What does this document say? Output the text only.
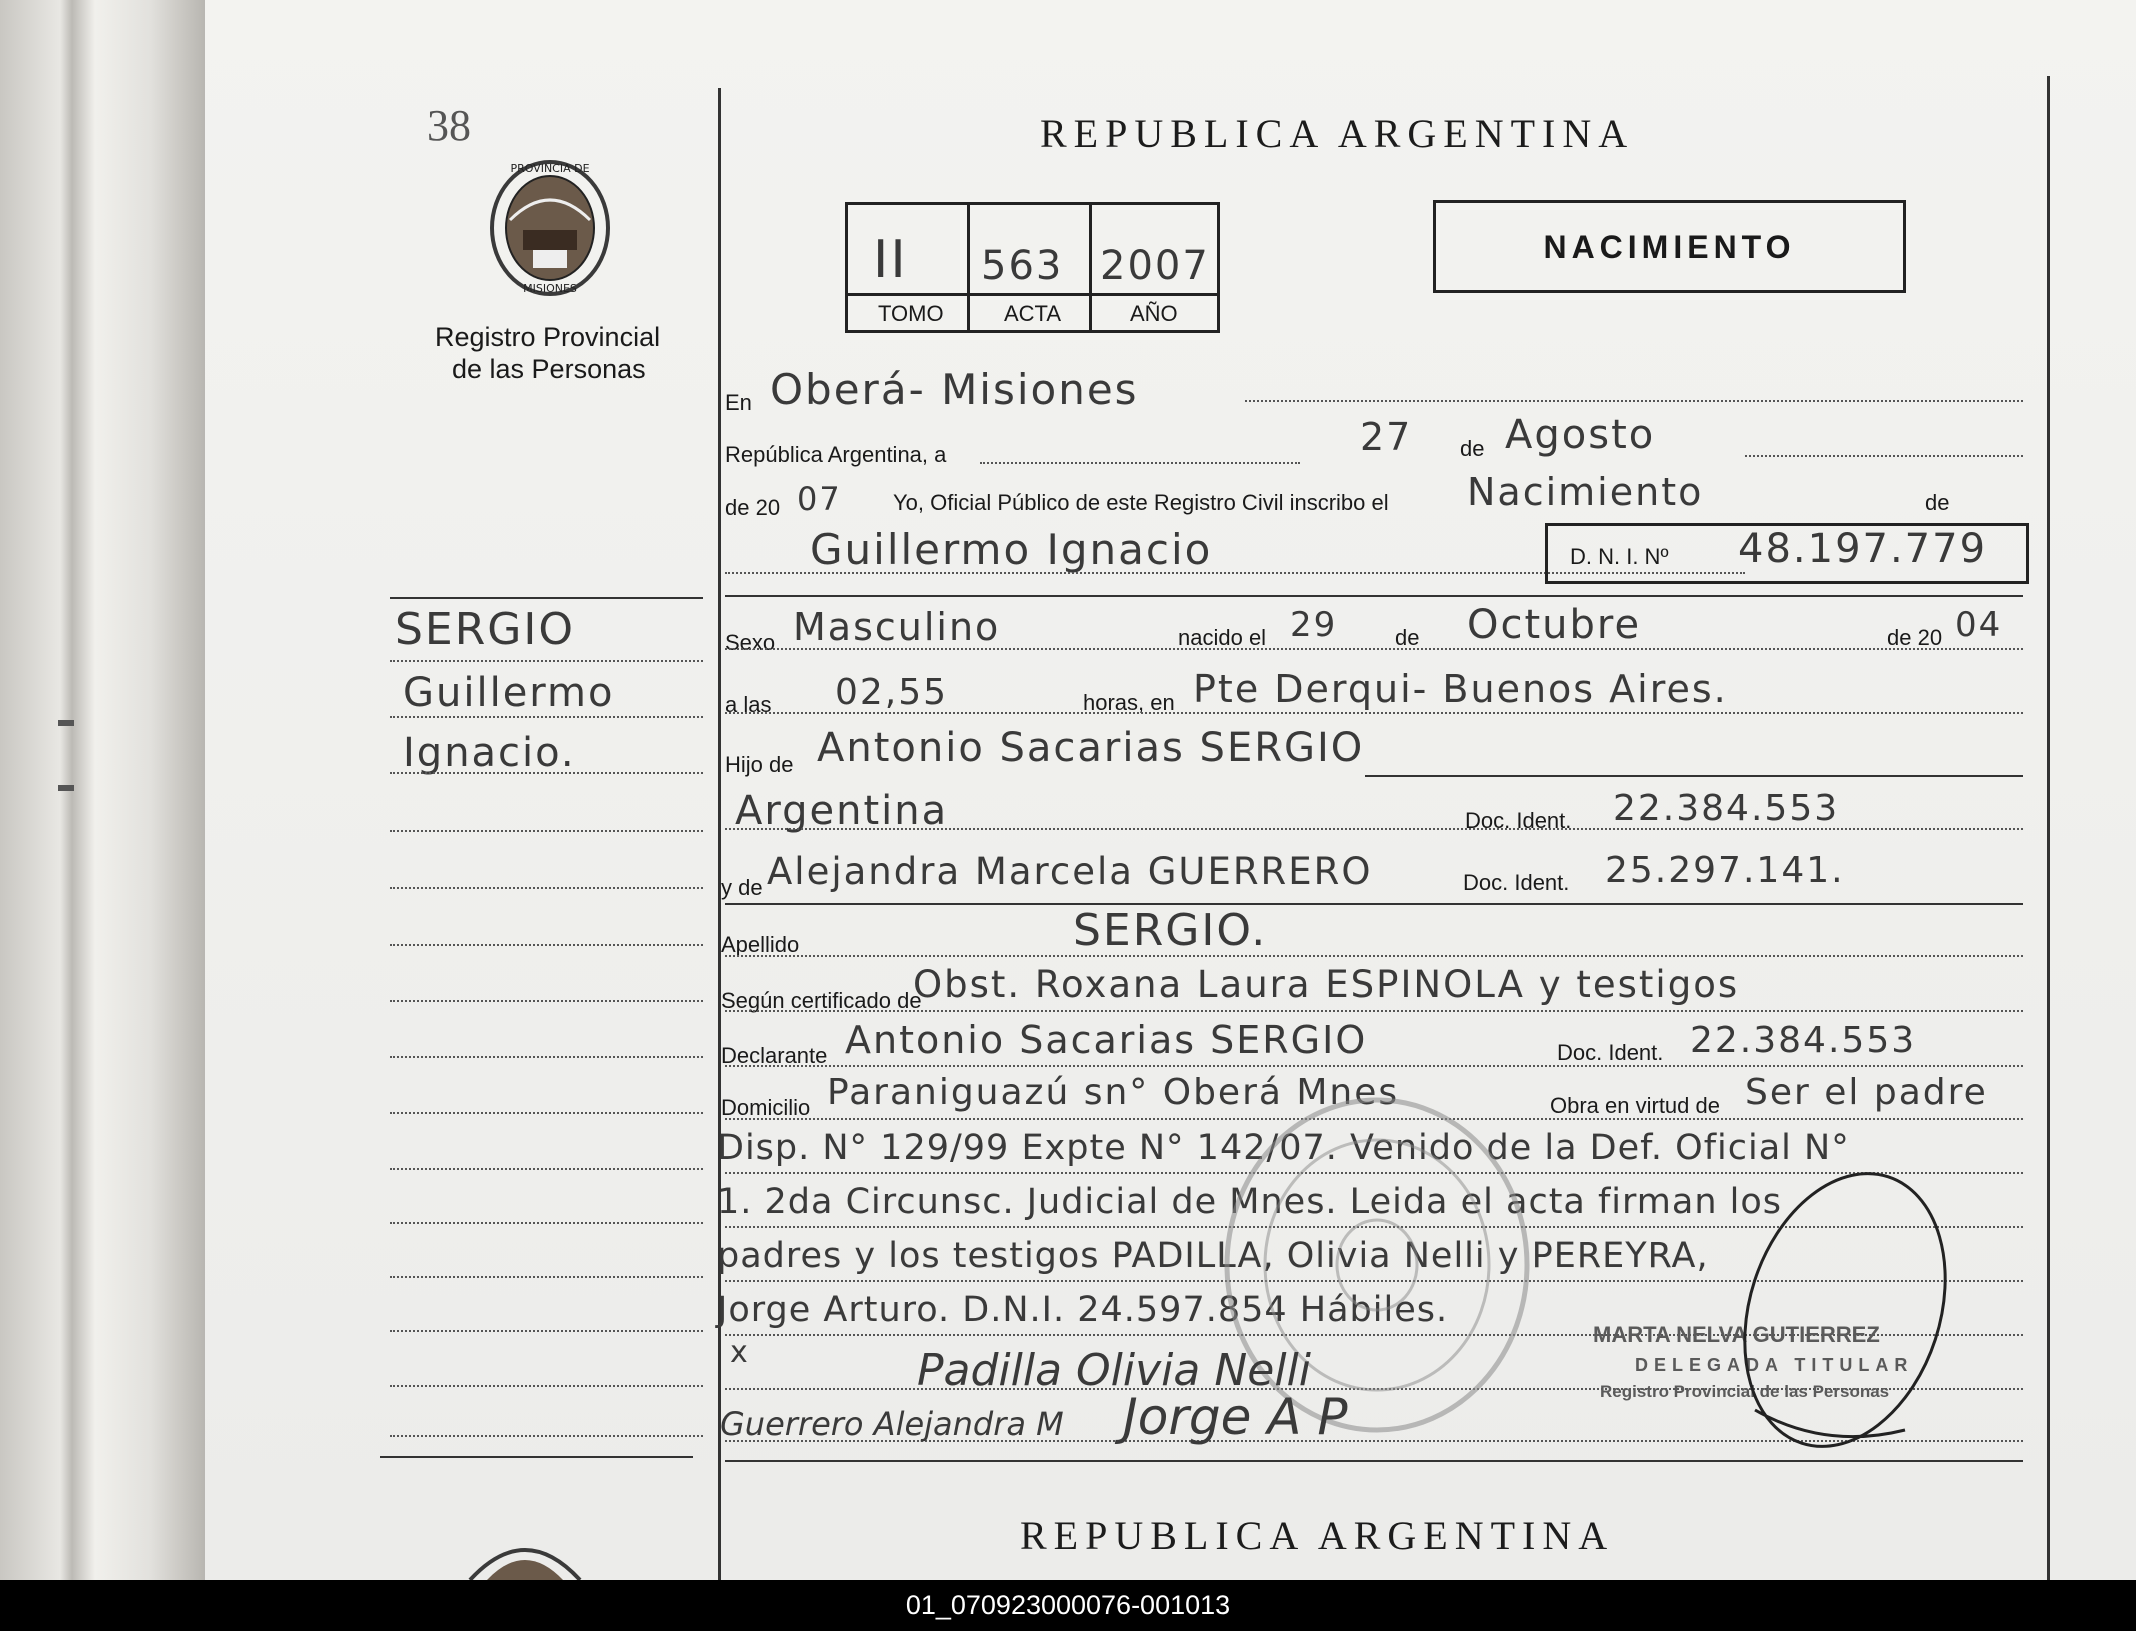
38
PROVINCIA DE
MISIONES
Registro Provincial
de las Personas
SERGIO
Guillermo
Ignacio.
REPUBLICA ARGENTINA
II 563 2007
TOMO	ACTA	AÑO
NACIMIENTO
En Oberá- Misiones
República Argentina, a	27 de Agosto
de 20 07 Yo, Oficial Público de este Registro Civil inscribo el Nacimiento	de
Guillermo Ignacio	D. N. I. Nº 48.197.779
Sexo Masculino	nacido el 29	de Octubre	de 20 04
a las 02,55	horas, en Pte Derqui- Buenos Aires.
Hijo de Antonio Sacarias SERGIO
Argentina	Doc. Ident. 22.384.553
y de Alejandra Marcela GUERRERO	Doc. Ident. 25.297.141.
Apellido	SERGIO.
Según certificado de
Obst. Roxana Laura ESPINOLA y testigos
Declarante Antonio Sacarias SERGIO	Doc. Ident. 22.384.553
Domicilio Paraniguazú sn° Oberá Mnes	Obra en virtud de Ser el padre
Disp. N° 129/99 Expte N° 142/07. Venido de la Def. Oficial N°
1. 2da Circunsc. Judicial de Mnes. Leida el acta firman los
padres y los testigos PADILLA, Olivia Nelli y PEREYRA,
Jorge Arturo. D.N.I. 24.597.854 Hábiles.
x	Padilla Olivia Nelli
Guerrero Alejandra M Jorge A P
MARTA NELVA GUTIERREZ
DELEGADA TITULAR
Registro Provincial de las Personas
REPUBLICA ARGENTINA
01_070923000076-001013
